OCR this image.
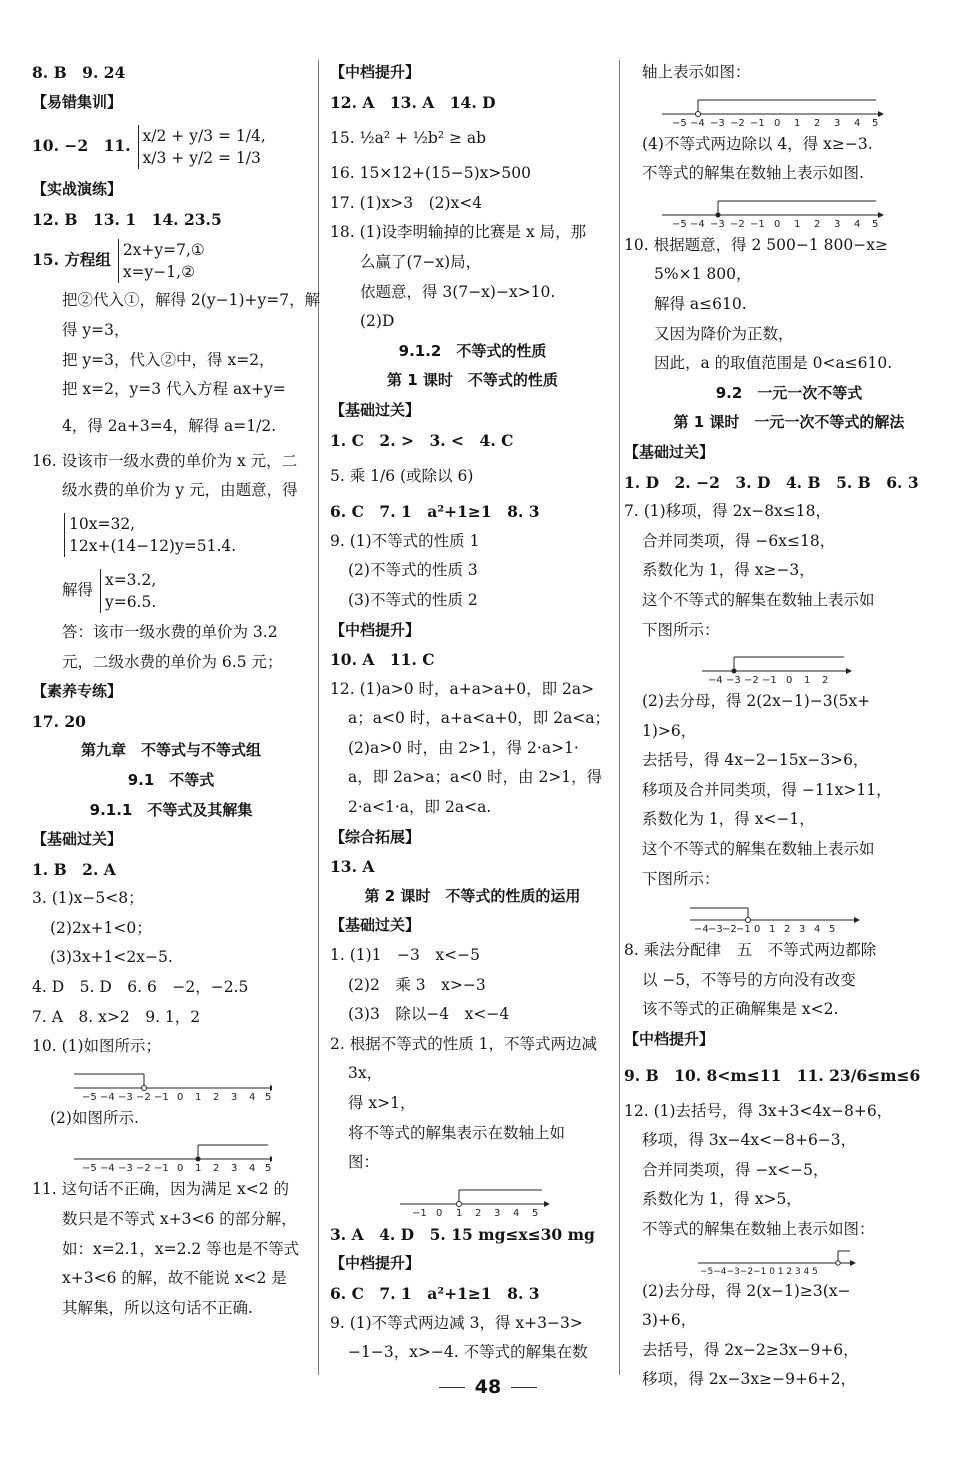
8. B　9. 24
【易错集训】
10. −2　11. x/2 + y/3 = 1/4,
x/3 + y/2 = 1/3
【实战演练】
12. B　13. 1　14. 23.5
15. 方程组 2x+y=7,①
x=y−1,②
把②代入①，解得 2(y−1)+y=7，解
得 y=3，
把 y=3，代入②中，得 x=2，
把 x=2，y=3 代入方程 ax+y=
4，得 2a+3=4，解得 a=1/2.
16. 设该市一级水费的单价为 x 元，二
级水费的单价为 y 元，由题意，得
10x=32,
12x+(14−12)y=51.4.
解得
x=3.2,
y=6.5.
答：该市一级水费的单价为 3.2
元，二级水费的单价为 6.5 元；
【素养专练】
17. 20
第九章　不等式与不等式组
9.1　不等式
9.1.1　不等式及其解集
【基础过关】
1. B　2. A
3. (1)x−5<8；
(2)2x+1<0；
(3)3x+1<2x−5.
4. D　5. D　6. 6　−2，−2.5
7. A　8. x>2　9. 1，2
10. (1)如图所示；
−5 −4 −3 −2 −1 0 1 2 3 4 5
(2)如图所示.
−5 −4 −3 −2 −1 0 1 2 3 4 5
11. 这句话不正确，因为满足 x<2 的
数只是不等式 x+3<6 的部分解，
如：x=2.1，x=2.2 等也是不等式
x+3<6 的解，故不能说 x<2 是
其解集，所以这句话不正确.
【中档提升】
12. A　13. A　14. D
15. ½a² + ½b² ≥ ab
16. 15×12+(15−5)x>500
17. (1)x>3　(2)x<4
18. (1)设李明输掉的比赛是 x 局，那
么赢了(7−x)局，
依题意，得 3(7−x)−x>10.
(2)D
9.1.2　不等式的性质
第 1 课时　不等式的性质
【基础过关】
1. C　2. >　3. <　4. C
5. 乘 1/6 (或除以 6)
6. C　7. 1　a²+1≥1　8. 3
9. (1)不等式的性质 1
(2)不等式的性质 3
(3)不等式的性质 2
【中档提升】
10. A　11. C
12. (1)a>0 时，a+a>a+0，即 2a>
a；a<0 时，a+a<a+0，即 2a<a；
(2)a>0 时，由 2>1，得 2·a>1·
a，即 2a>a；a<0 时，由 2>1，得
2·a<1·a，即 2a<a.
【综合拓展】
13. A
第 2 课时　不等式的性质的运用
【基础过关】
1. (1)1　−3　x<−5
(2)2　乘 3　x>−3
(3)3　除以−4　x<−4
2. 根据不等式的性质 1，不等式两边减
3x，
得 x>1，
将不等式的解集表示在数轴上如
图：
−1 0 1 2 3 4 5
3. A　4. D　5. 15 mg≤x≤30 mg
【中档提升】
6. C　7. 1　a²+1≥1　8. 3
9. (1)不等式两边减 3，得 x+3−3>
−1−3，x>−4. 不等式的解集在数
轴上表示如图：
−5 −4 −3 −2 −1 0 1 2 3 4 5
(4)不等式两边除以 4，得 x≥−3.
不等式的解集在数轴上表示如图.
−5 −4 −3 −2 −1 0 1 2 3 4 5
10. 根据题意，得 2 500−1 800−x≥
5%×1 800，
解得 a≤610.
又因为降价为正数，
因此，a 的取值范围是 0<a≤610.
9.2　一元一次不等式
第 1 课时　一元一次不等式的解法
【基础过关】
1. D　2. −2　3. D　4. B　5. B　6. 3
7. (1)移项，得 2x−8x≤18，
合并同类项，得 −6x≤18，
系数化为 1，得 x≥−3，
这个不等式的解集在数轴上表示如
下图所示：
−4 −3 −2 −1 0 1 2
(2)去分母，得 2(2x−1)−3(5x+
1)>6，
去括号，得 4x−2−15x−3>6，
移项及合并同类项，得 −11x>11，
系数化为 1，得 x<−1，
这个不等式的解集在数轴上表示如
下图所示：
−4 −3 −2 −1 0 1 2 3 4 5
8. 乘法分配律　五　不等式两边都除
以 −5，不等号的方向没有改变
该不等式的正确解集是 x<2.
【中档提升】
9. B　10. 8<m≤11　11. 23/6≤m≤6
12. (1)去括号，得 3x+3<4x−8+6，
移项，得 3x−4x<−8+6−3，
合并同类项，得 −x<−5，
系数化为 1，得 x>5，
不等式的解集在数轴上表示如图：
−5−4−3−2−1 0 1 2 3 4 5
(2)去分母，得 2(x−1)≥3(x−
3)+6，
去括号，得 2x−2≥3x−9+6，
移项，得 2x−3x≥−9+6+2，
48
